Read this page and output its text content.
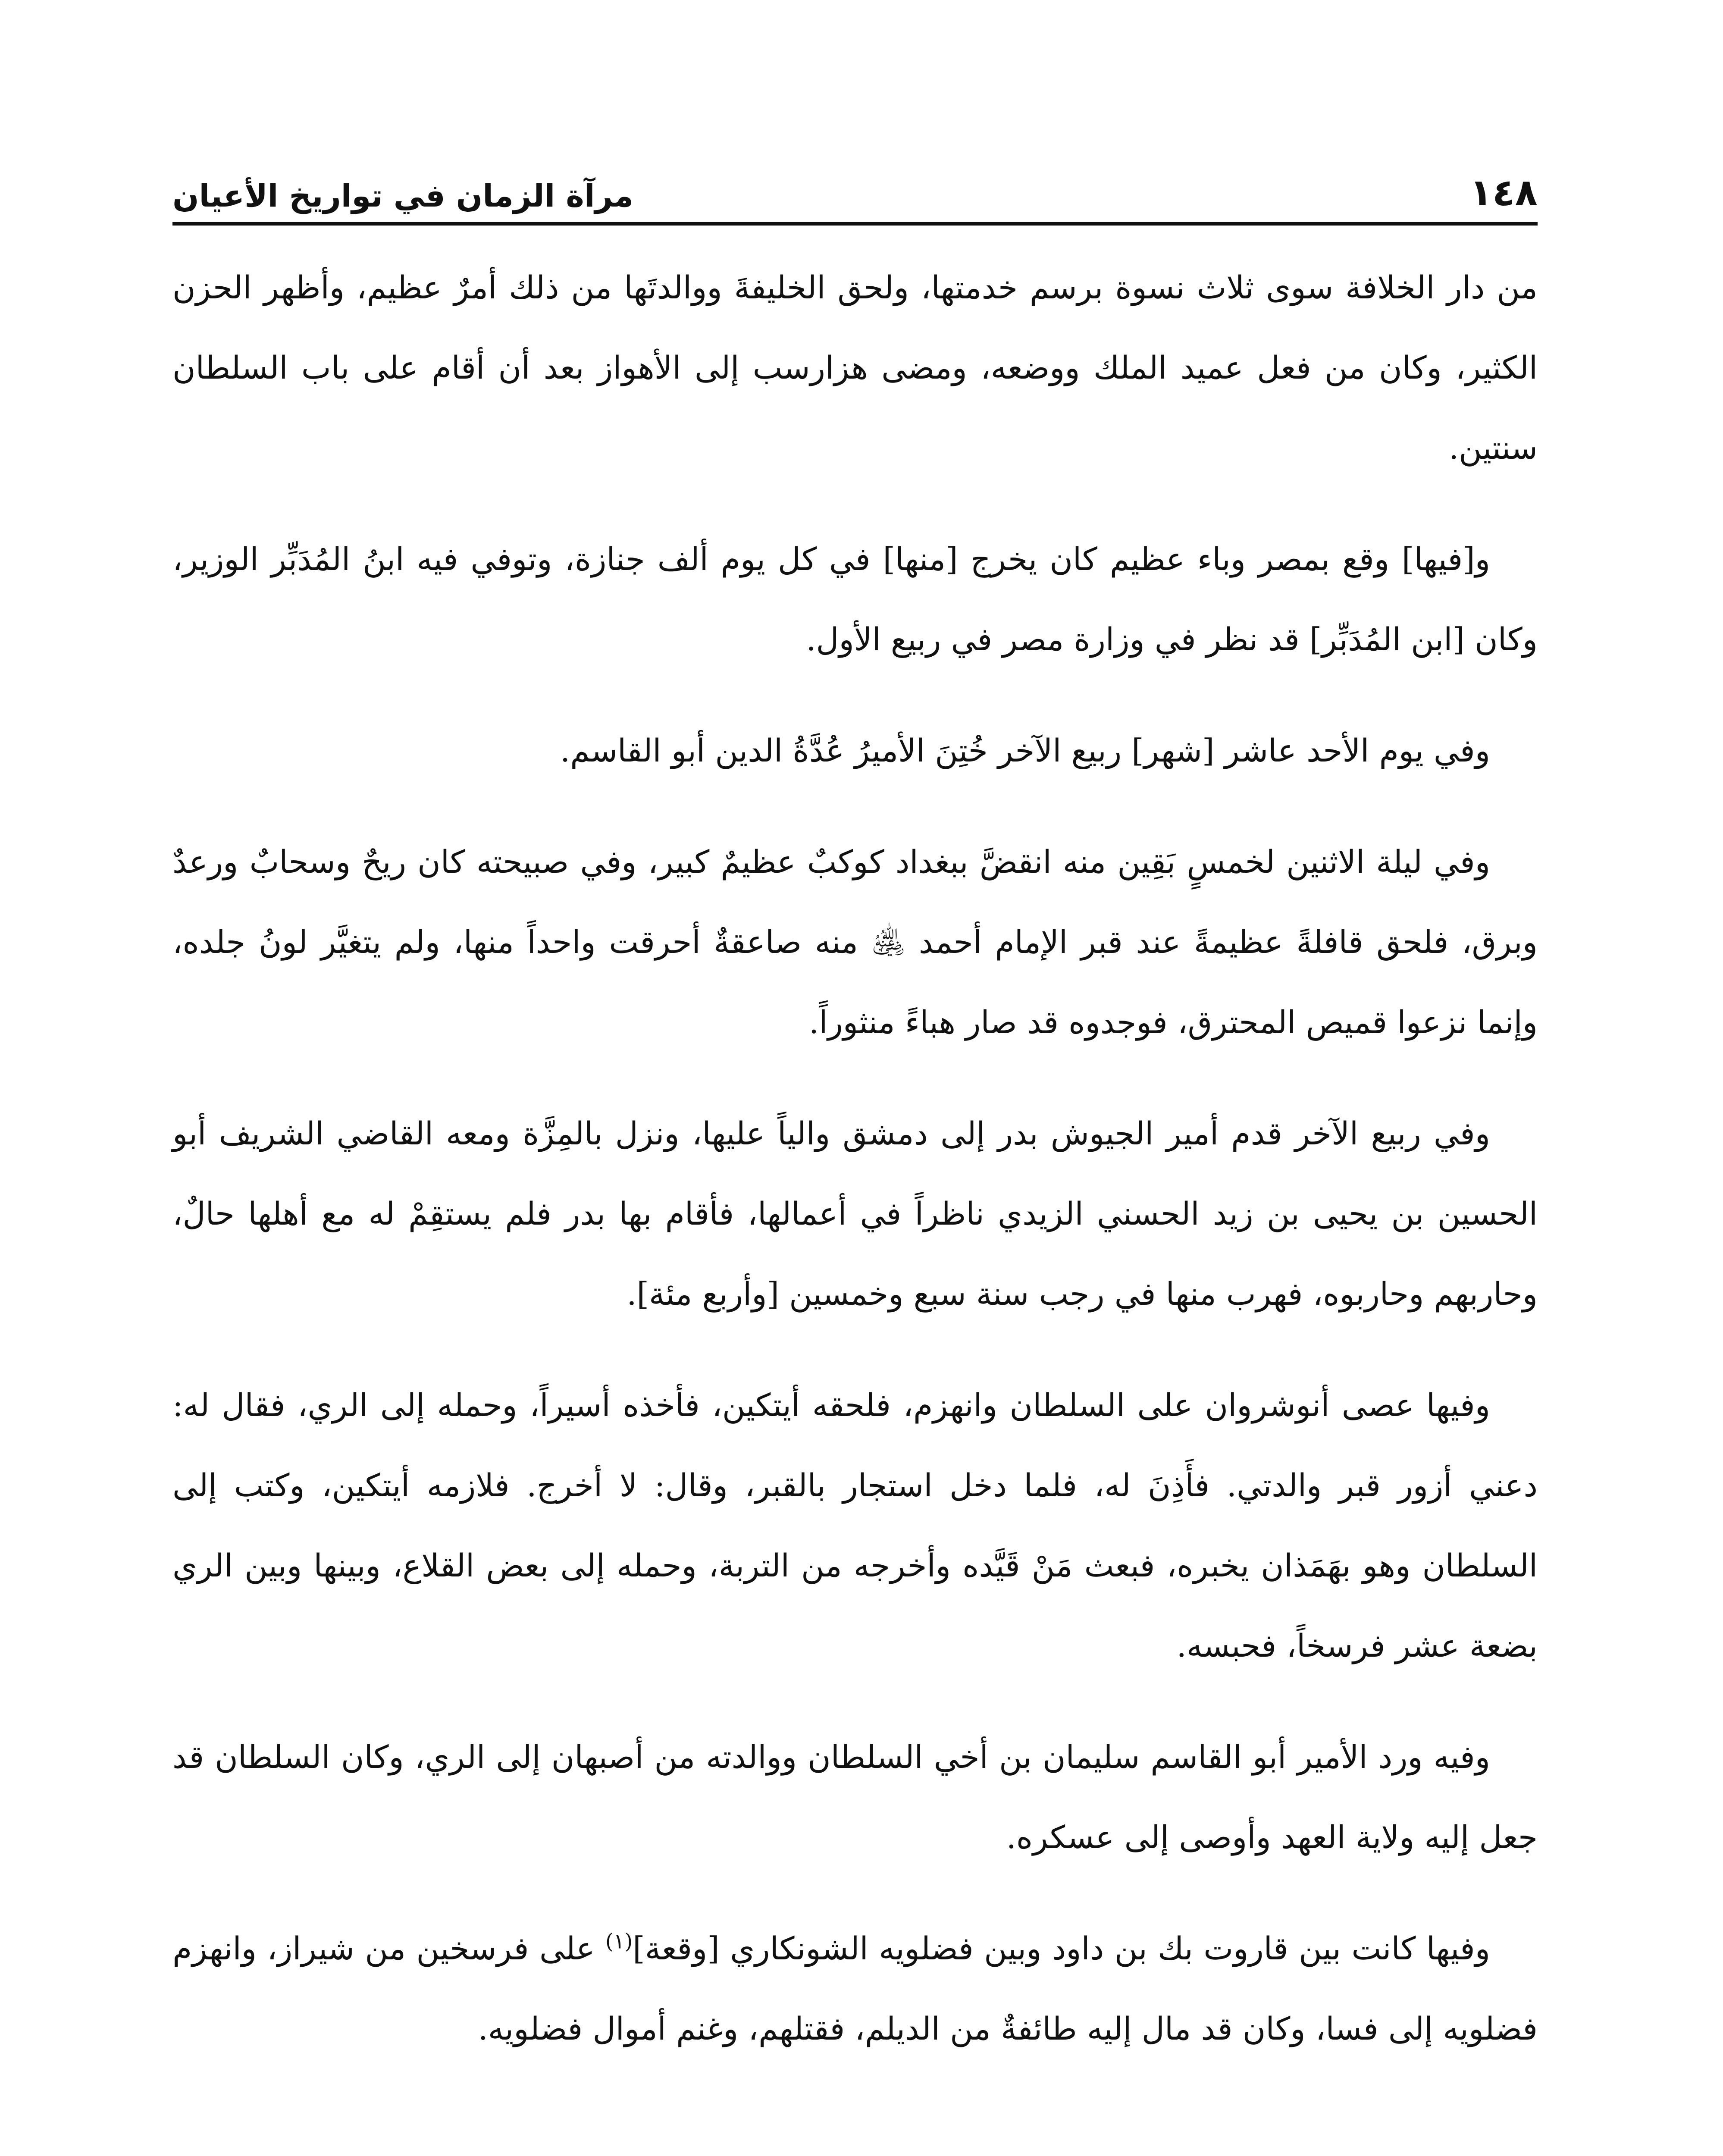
١٤٨
مرآة الزمان في تواريخ الأعيان

من دار الخلافة سوى ثلاث نسوة برسم خدمتها، ولحق الخليفةَ ووالدتَها من ذلك أمرٌ عظيم، وأظهر الحزن الكثير، وكان من فعل عميد الملك ووضعه، ومضى هزارسب إلى الأهواز بعد أن أقام على باب السلطان سنتين.

و[فيها] وقع بمصر وباء عظيم كان يخرج [منها] في كل يوم ألف جنازة، وتوفي فيه ابنُ المُدَبِّر الوزير، وكان [ابن المُدَبِّر] قد نظر في وزارة مصر في ربيع الأول.

وفي يوم الأحد عاشر [شهر] ربيع الآخر خُتِنَ الأميرُ عُدَّةُ الدين أبو القاسم.

وفي ليلة الاثنين لخمسٍ بَقِين منه انقضَّ ببغداد كوكبٌ عظيمٌ كبير، وفي صبيحته كان ريحٌ وسحابٌ ورعدٌ وبرق، فلحق قافلةً عظيمةً عند قبر الإمام أحمد ﵁ منه صاعقةٌ أحرقت واحداً منها، ولم يتغيَّر لونُ جلده، وإنما نزعوا قميص المحترق، فوجدوه قد صار هباءً منثوراً.

وفي ربيع الآخر قدم أمير الجيوش بدر إلى دمشق والياً عليها، ونزل بالمِزَّة ومعه القاضي الشريف أبو الحسين بن يحيى بن زيد الحسني الزيدي ناظراً في أعمالها، فأقام بها بدر فلم يستقِمْ له مع أهلها حالٌ، وحاربهم وحاربوه، فهرب منها في رجب سنة سبع وخمسين [وأربع مئة].

وفيها عصى أنوشروان على السلطان وانهزم، فلحقه أيتكين، فأخذه أسيراً، وحمله إلى الري، فقال له: دعني أزور قبر والدتي. فأَذِنَ له، فلما دخل استجار بالقبر، وقال: لا أخرج. فلازمه أيتكين، وكتب إلى السلطان وهو بهَمَذان يخبره، فبعث مَنْ قَيَّده وأخرجه من التربة، وحمله إلى بعض القلاع، وبينها وبين الري بضعة عشر فرسخاً، فحبسه.

وفيه ورد الأمير أبو القاسم سليمان بن أخي السلطان ووالدته من أصبهان إلى الري، وكان السلطان قد جعل إليه ولاية العهد وأوصى إلى عسكره.

وفيها كانت بين قاروت بك بن داود وبين فضلويه الشونكاري [وقعة]$^{(١)}$ على فرسخين من شيراز، وانهزم فضلويه إلى فسا، وكان قد مال إليه طائفةٌ من الديلم، فقتلهم، وغنم أموال فضلويه.
